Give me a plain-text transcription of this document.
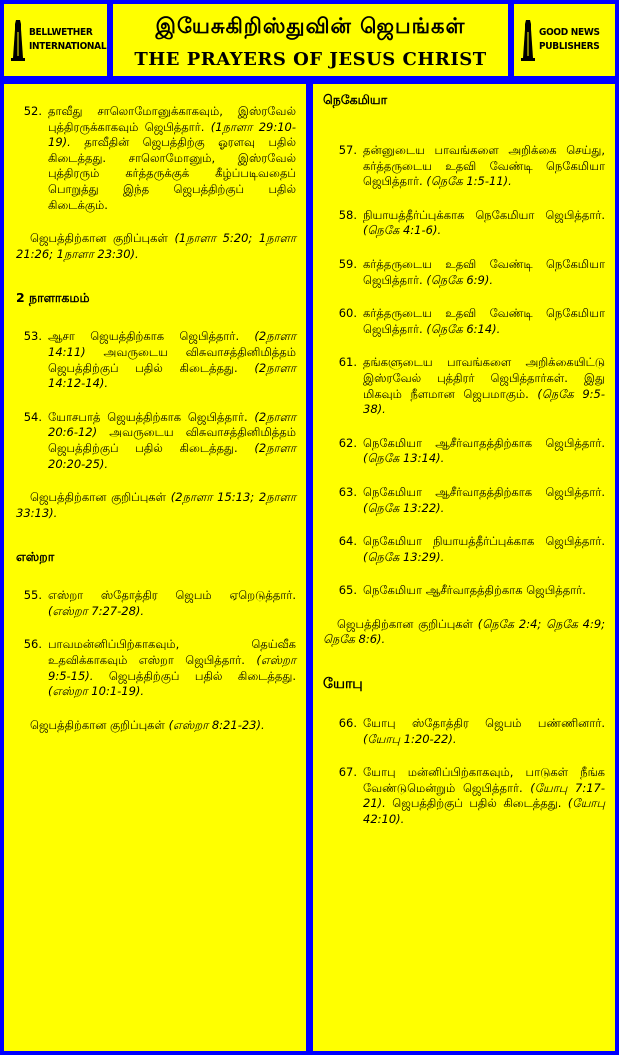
BELLWETHER
INTERNATIONAL
இயேசுகிறிஸ்துவின் ஜெபங்கள்
THE PRAYERS OF JESUS CHRIST
GOOD NEWS
PUBLISHERS
52. தாவீது சாலொமோனுக்காகவும், இஸ்ரவேல் புத்திரருக்காகவும் ஜெபித்தார். (1நாளா 29:10-19). தாவீதின் ஜெபத்திற்கு ஓரளவு பதில் கிடைத்தது. சாலொமோனும், இஸ்ரவேல் புத்திரரும் கர்த்தருக்குக் கீழ்ப்படிவதைப் பொறுத்து இந்த ஜெபத்திற்குப் பதில் கிடைக்கும்.
ஜெபத்திற்கான குறிப்புகள் (1நாளா 5:20; 1நாளா 21:26; 1நாளா 23:30).
2 நாளாகமம்
53. ஆசா ஜெயத்திற்காக ஜெபித்தார். (2நாளா 14:11) அவருடைய விசுவாசத்தினிமித்தம் ஜெபத்திற்குப் பதில் கிடைத்தது. (2நாளா 14:12-14).
54. யோசபாத் ஜெயத்திற்காக ஜெபித்தார். (2நாளா 20:6-12) அவருடைய விசுவாசத்தினிமித்தம் ஜெபத்திற்குப் பதில் கிடைத்தது. (2நாளா 20:20-25).
ஜெபத்திற்கான குறிப்புகள் (2நாளா 15:13; 2நாளா 33:13).
எஸ்றா
55. எஸ்றா ஸ்தோத்திர ஜெபம் ஏறெடுத்தார். (எஸ்றா 7:27-28).
56. பாவமன்னிப்பிற்காகவும், தெய்வீக உதவிக்காகவும் எஸ்றா ஜெபித்தார். (எஸ்றா 9:5-15). ஜெபத்திற்குப் பதில் கிடைத்தது. (எஸ்றா 10:1-19).
ஜெபத்திற்கான குறிப்புகள் (எஸ்றா 8:21-23).
நெகேமியா
57. தன்னுடைய பாவங்களை அறிக்கை செய்து, கர்த்தருடைய உதவி வேண்டி நெகேமியா ஜெபித்தார். (நெகே 1:5-11).
58. நியாயத்தீர்ப்புக்காக நெகேமியா ஜெபித்தார். (நெகே 4:1-6).
59. கர்த்தருடைய உதவி வேண்டி நெகேமியா ஜெபித்தார். (நெகே 6:9).
60. கர்த்தருடைய உதவி வேண்டி நெகேமியா ஜெபித்தார். (நெகே 6:14).
61. தங்களுடைய பாவங்களை அறிக்கையிட்டு இஸ்ரவேல் புத்திரர் ஜெபித்தார்கள். இது மிகவும் நீளமான ஜெபமாகும். (நெகே 9:5-38).
62. நெகேமியா ஆசீர்வாதத்திற்காக ஜெபித்தார். (நெகே 13:14).
63. நெகேமியா ஆசீர்வாதத்திற்காக ஜெபித்தார். (நெகே 13:22).
64. நெகேமியா நியாயத்தீர்ப்புக்காக ஜெபித்தார். (நெகே 13:29).
65. நெகேமியா ஆசீர்வாதத்திற்காக ஜெபித்தார்.
ஜெபத்திற்கான குறிப்புகள் (நெகே 2:4; நெகே 4:9; நெகே 8:6).
யோபு
66. யோபு ஸ்தோத்திர ஜெபம் பண்ணினார். (யோபு 1:20-22).
67. யோபு மன்னிப்பிற்காகவும், பாடுகள் நீங்க வேண்டுமென்றும் ஜெபித்தார். (யோபு 7:17-21). ஜெபத்திற்குப் பதில் கிடைத்தது. (யோபு 42:10).
